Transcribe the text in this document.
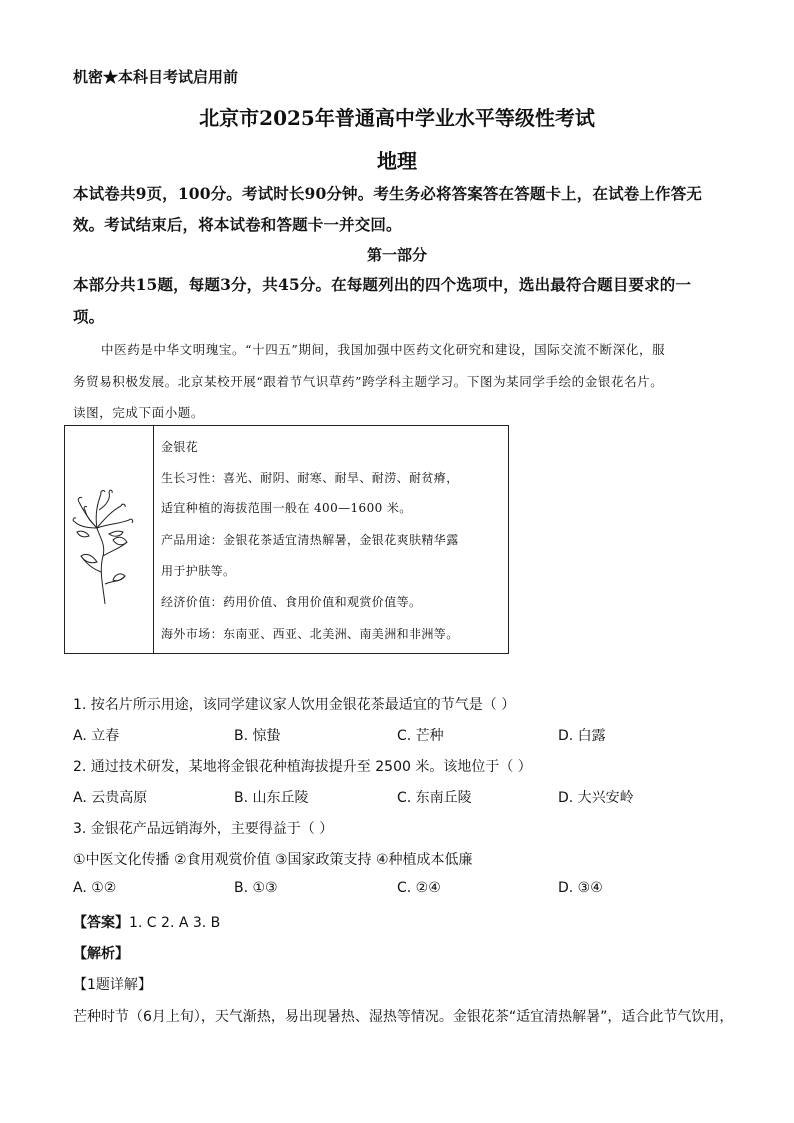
机密★本科目考试启用前
北京市2025年普通高中学业水平等级性考试
地理
本试卷共9页，100分。考试时长90分钟。考生务必将答案答在答题卡上，在试卷上作答无
效。考试结束后，将本试卷和答题卡一并交回。
第一部分
本部分共15题，每题3分，共45分。在每题列出的四个选项中，选出最符合题目要求的一
项。
中医药是中华文明瑰宝。“十四五”期间，我国加强中医药文化研究和建设，国际交流不断深化，服
务贸易积极发展。北京某校开展“跟着节气识草药”跨学科主题学习。下图为某同学手绘的金银花名片。
读图，完成下面小题。
金银花
生长习性：喜光、耐阴、耐寒、耐旱、耐涝、耐贫瘠，
适宜种植的海拔范围一般在 400—1600 米。
产品用途：金银花茶适宜清热解暑，金银花爽肤精华露
用于护肤等。
经济价值：药用价值、食用价值和观赏价值等。
海外市场：东南亚、西亚、北美洲、南美洲和非洲等。
1. 按名片所示用途，该同学建议家人饮用金银花茶最适宜的节气是（ ）
A. 立春	B. 惊蛰	C. 芒种	D. 白露
2. 通过技术研发，某地将金银花种植海拔提升至 2500 米。该地位于（ ）
A. 云贵高原	B. 山东丘陵	C. 东南丘陵	D. 大兴安岭
3. 金银花产品远销海外，主要得益于（ ）
①中医文化传播 ②食用观赏价值 ③国家政策支持 ④种植成本低廉
A. ①②	B. ①③	C. ②④	D. ③④
【答案】1. C 2. A 3. B
【解析】
【1题详解】
芒种时节（6月上旬），天气渐热，易出现暑热、湿热等情况。金银花茶“适宜清热解暑”，适合此节气饮用，
